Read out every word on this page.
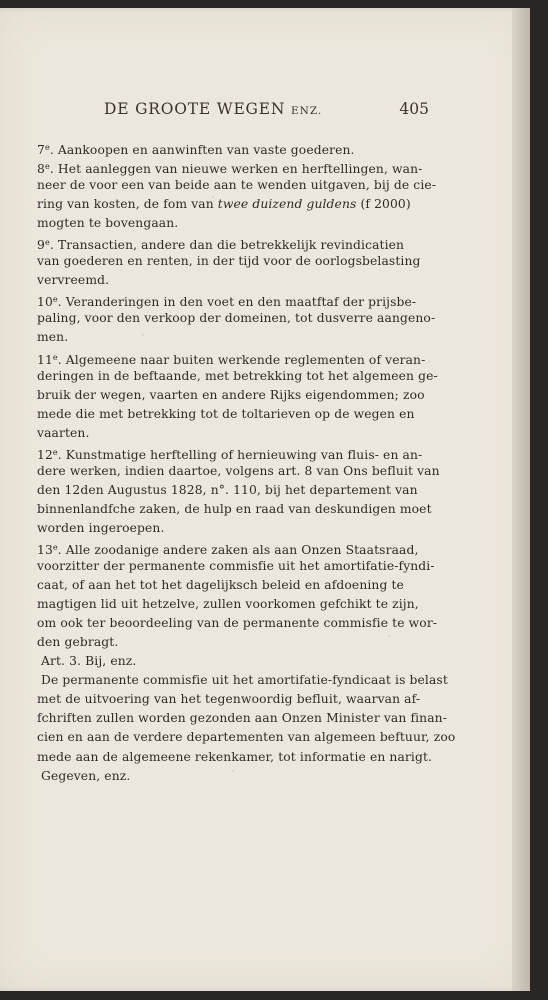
DE GROOTE WEGEN ENZ.	405
7e. Aankoopen en aanwinften van vaste goederen.
8e. Het aanleggen van nieuwe werken en herftellingen, wan-
neer de voor een van beide aan te wenden uitgaven, bij de cie-
ring van kosten, de fom van twee duizend guldens (f 2000)
mogten te bovengaan.
9e. Transactien, andere dan die betrekkelijk revindicatien
van goederen en renten, in der tijd voor de oorlogsbelasting
vervreemd.
10e. Veranderingen in den voet en den maatftaf der prijsbe-
paling, voor den verkoop der domeinen, tot dusverre aangeno-
men.
11e. Algemeene naar buiten werkende reglementen of veran-
deringen in de beftaande, met betrekking tot het algemeen ge-
bruik der wegen, vaarten en andere Rijks eigendommen; zoo
mede die met betrekking tot de toltarieven op de wegen en
vaarten.
12e. Kunstmatige herftelling of hernieuwing van fluis- en an-
dere werken, indien daartoe, volgens art. 8 van Ons befluit van
den 12den Augustus 1828, n°. 110, bij het departement van
binnenlandfche zaken, de hulp en raad van deskundigen moet
worden ingeroepen.
13e. Alle zoodanige andere zaken als aan Onzen Staatsraad,
voorzitter der permanente commisfie uit het amortifatie-fyndi-
caat, of aan het tot het dagelijksch beleid en afdoening te
magtigen lid uit hetzelve, zullen voorkomen gefchikt te zijn,
om ook ter beoordeeling van de permanente commisfie te wor-
den gebragt.
Art. 3. Bij, enz.
De permanente commisfie uit het amortifatie-fyndicaat is belast
met de uitvoering van het tegenwoordig befluit, waarvan af-
fchriften zullen worden gezonden aan Onzen Minister van finan-
cien en aan de verdere departementen van algemeen beftuur, zoo
mede aan de algemeene rekenkamer, tot informatie en narigt.
Gegeven, enz.
